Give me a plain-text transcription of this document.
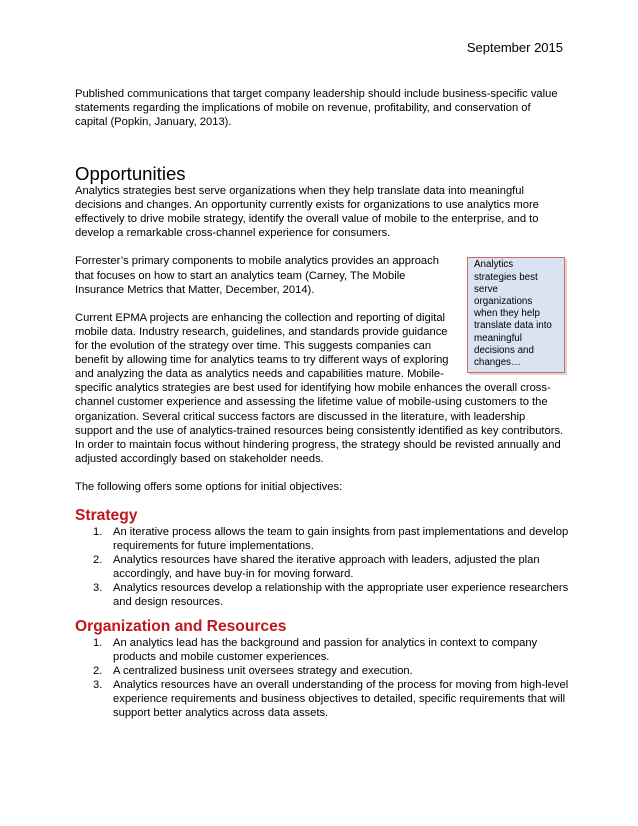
September 2015

Published communications that target company leadership should include business-specific value statements regarding the implications of mobile on revenue, profitability, and conservation of capital (Popkin, January, 2013).

Opportunities

Analytics strategies best serve organizations when they help translate data into meaningful decisions and changes. An opportunity currently exists for organizations to use analytics more effectively to drive mobile strategy, identify the overall value of mobile to the enterprise, and to develop a remarkable cross-channel experience for consumers.

Analytics strategies best serve organizations when they help translate data into meaningful decisions and changes…
Forrester’s primary components to mobile analytics provides an approach that focuses on how to start an analytics team (Carney, The Mobile Insurance Metrics that Matter, December, 2014).

Current EPMA projects are enhancing the collection and reporting of digital mobile data. Industry research, guidelines, and standards provide guidance for the evolution of the strategy over time. This suggests companies can benefit by allowing time for analytics teams to try different ways of exploring and analyzing the data as analytics needs and capabilities mature. Mobile-specific analytics strategies are best used for identifying how mobile enhances the overall cross-channel customer experience and assessing the lifetime value of mobile-using customers to the organization. Several critical success factors are discussed in the literature, with leadership support and the use of analytics-trained resources being consistently identified as key contributors. In order to maintain focus without hindering progress, the strategy should be revisted annually and adjusted accordingly based on stakeholder needs.

The following offers some options for initial objectives:

Strategy
1. An iterative process allows the team to gain insights from past implementations and develop requirements for future implementations.
2. Analytics resources have shared the iterative approach with leaders, adjusted the plan accordingly, and have buy-in for moving forward.
3. Analytics resources develop a relationship with the appropriate user experience researchers and design resources.
Organization and Resources
1. An analytics lead has the background and passion for analytics in context to company products and mobile customer experiences.
2. A centralized business unit oversees strategy and execution.
3. Analytics resources have an overall understanding of the process for moving from high-level experience requirements and business objectives to detailed, specific requirements that will support better analytics across data assets.
